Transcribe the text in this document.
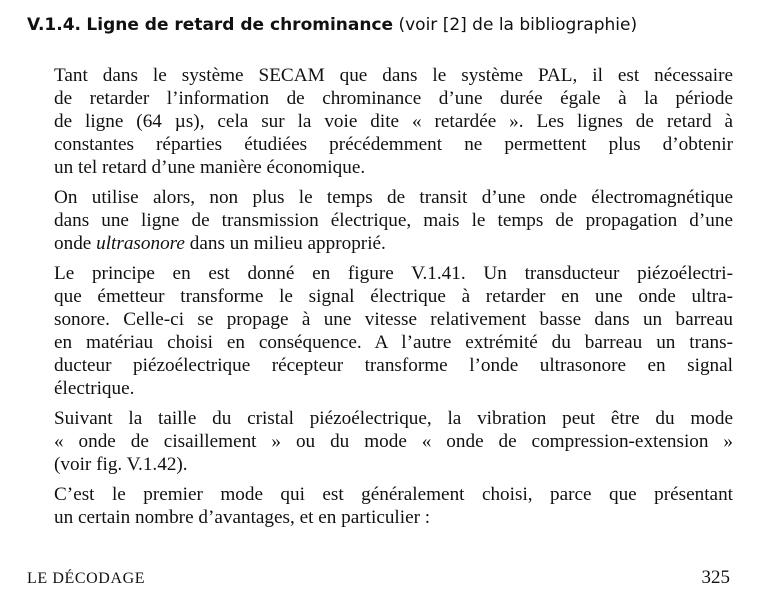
V.1.4. Ligne de retard de chrominance (voir [2] de la bibliographie)

Tant dans le système SECAM que dans le système PAL, il est nécessaire
de retarder l’information de chrominance d’une durée égale à la période
de ligne (64 µs), cela sur la voie dite « retardée ». Les lignes de retard à
constantes réparties étudiées précédemment ne permettent plus d’obtenir
un tel retard d’une manière économique.

On utilise alors, non plus le temps de transit d’une onde électromagnétique
dans une ligne de transmission électrique, mais le temps de propagation d’une
onde ultrasonore dans un milieu approprié.

Le principe en est donné en figure V.1.41. Un transducteur piézoélectri-
que émetteur transforme le signal électrique à retarder en une onde ultra-
sonore. Celle-ci se propage à une vitesse relativement basse dans un barreau
en matériau choisi en conséquence. A l’autre extrémité du barreau un trans-
ducteur piézoélectrique récepteur transforme l’onde ultrasonore en signal
électrique.

Suivant la taille du cristal piézoélectrique, la vibration peut être du mode
« onde de cisaillement » ou du mode « onde de compression-extension »
(voir fig. V.1.42).

C’est le premier mode qui est généralement choisi, parce que présentant
un certain nombre d’avantages, et en particulier :

LE DÉCODAGE	325
